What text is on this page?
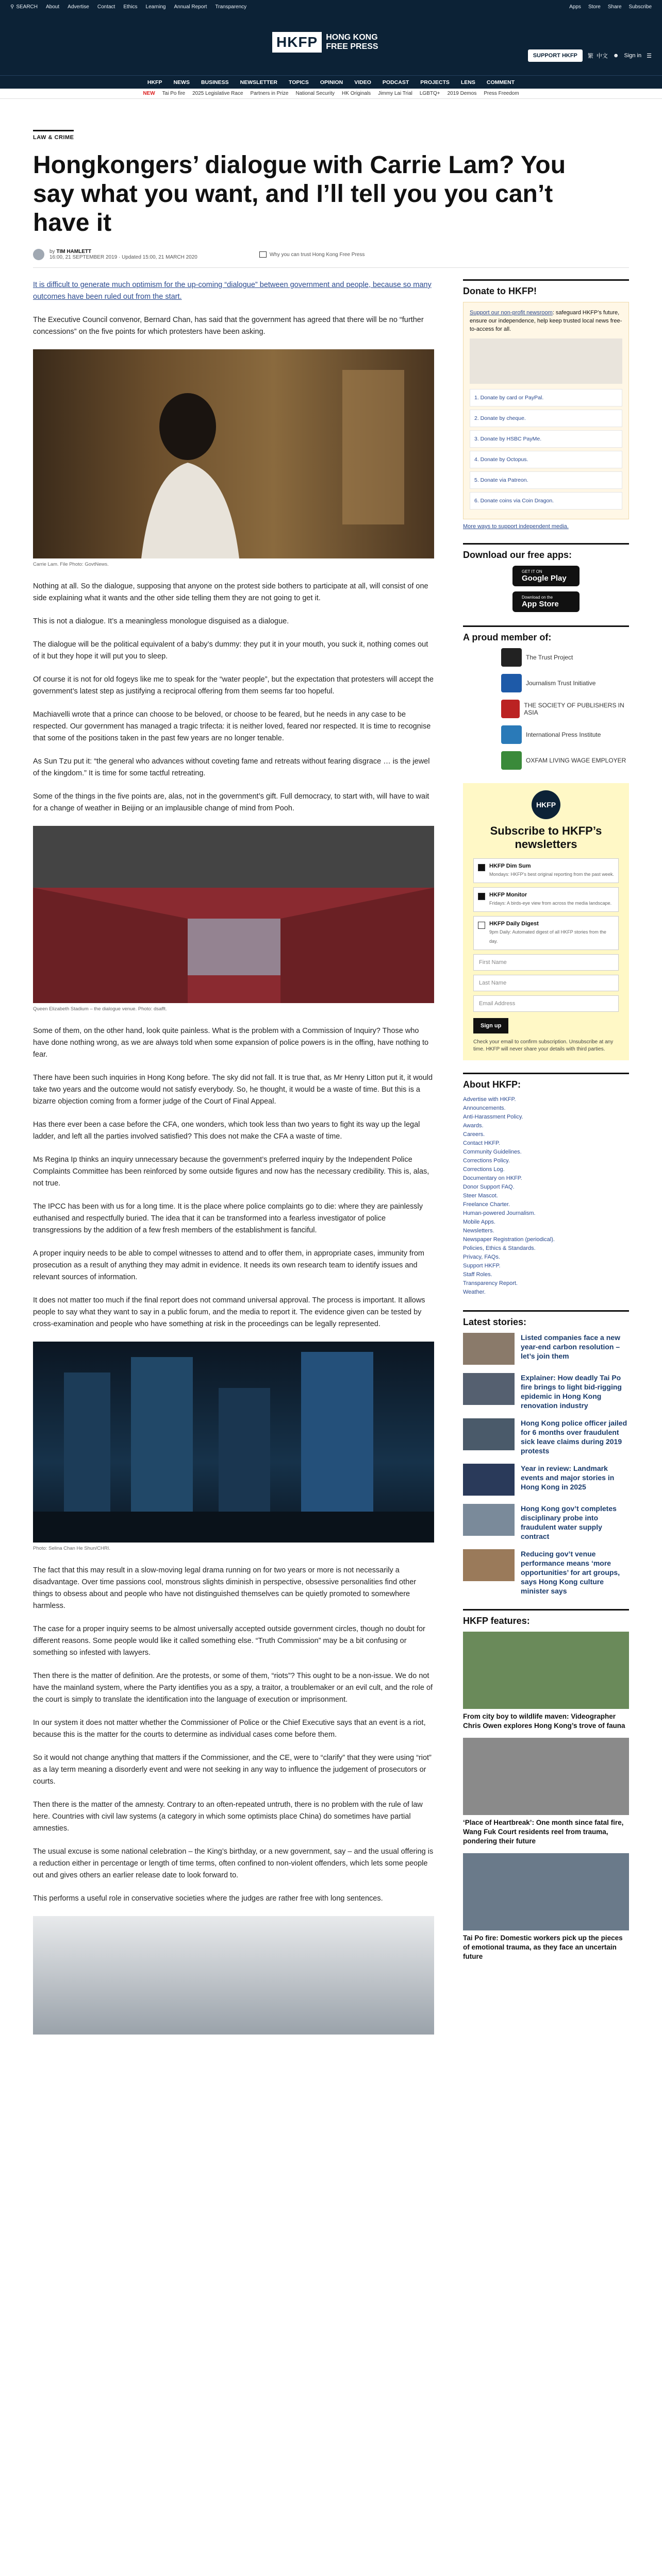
⚲ SEARCH About Advertise Contact Ethics Learning Annual Report Transparency	Apps Store Share Subscribe
HKFP	HONG KONG
FREE PRESS
SUPPORT HKFP	繁 中文 ☻ Sign in ☰
HKFP NEWS BUSINESS NEWSLETTER TOPICS OPINION VIDEO PODCAST PROJECTS LENS COMMENT
NEW Tai Po fire 2025 Legislative Race Partners in Prize National Security HK Originals Jimmy Lai Trial LGBTQ+ 2019 Demos Press Freedom
LAW & CRIME
Hongkongers’ dialogue with Carrie Lam? You say what you want, and I’ll tell you you can’t have it
by TIM HAMLETT
16:00, 21 SEPTEMBER 2019 · Updated 15:00, 21 MARCH 2020	Why you can trust Hong Kong Free Press

It is difficult to generate much optimism for the up-coming “dialogue” between government and people, because so many outcomes have been ruled out from the start.

The Executive Council convenor, Bernard Chan, has said that the government has agreed that there will be no “further concessions” on the five points for which protesters have been asking.

Carrie Lam. File Photo: GovtNews.

Nothing at all. So the dialogue, supposing that anyone on the protest side bothers to participate at all, will consist of one side explaining what it wants and the other side telling them they are not going to get it.

This is not a dialogue. It’s a meaningless monologue disguised as a dialogue.

The dialogue will be the political equivalent of a baby’s dummy: they put it in your mouth, you suck it, nothing comes out of it but they hope it will put you to sleep.

Of course it is not for old fogeys like me to speak for the “water people”, but the expectation that protesters will accept the government’s latest step as justifying a reciprocal offering from them seems far too hopeful.

Machiavelli wrote that a prince can choose to be beloved, or choose to be feared, but he needs in any case to be respected. Our government has managed a tragic trifecta: it is neither loved, feared nor respected. It is time to recognise that some of the positions taken in the past few years are no longer tenable.

As Sun Tzu put it: “the general who advances without coveting fame and retreats without fearing disgrace … is the jewel of the kingdom.” It is time for some tactful retreating.

Some of the things in the five points are, alas, not in the government’s gift. Full democracy, to start with, will have to wait for a change of weather in Beijing or an implausible change of mind from Pooh.

Queen Elizabeth Stadium – the dialogue venue. Photo: dsafft.

Some of them, on the other hand, look quite painless. What is the problem with a Commission of Inquiry? Those who have done nothing wrong, as we are always told when some expansion of police powers is in the offing, have nothing to fear.

There have been such inquiries in Hong Kong before. The sky did not fall. It is true that, as Mr Henry Litton put it, it would take two years and the outcome would not satisfy everybody. So, he thought, it would be a waste of time. But this is a bizarre objection coming from a former judge of the Court of Final Appeal.

Has there ever been a case before the CFA, one wonders, which took less than two years to fight its way up the legal ladder, and left all the parties involved satisfied? This does not make the CFA a waste of time.

Ms Regina Ip thinks an inquiry unnecessary because the government’s preferred inquiry by the Independent Police Complaints Committee has been reinforced by some outside figures and now has the necessary credibility. This is, alas, not true.

The IPCC has been with us for a long time. It is the place where police complaints go to die: where they are painlessly euthanised and respectfully buried. The idea that it can be transformed into a fearless investigator of police transgressions by the addition of a few fresh members of the establishment is fanciful.

A proper inquiry needs to be able to compel witnesses to attend and to offer them, in appropriate cases, immunity from prosecution as a result of anything they may admit in evidence. It needs its own research team to identify issues and relevant sources of information.

It does not matter too much if the final report does not command universal approval. The process is important. It allows people to say what they want to say in a public forum, and the media to report it. The evidence given can be tested by cross-examination and people who have something at risk in the proceedings can be legally represented.

Photo: Selina Chan He Shun/CHRI.

The fact that this may result in a slow-moving legal drama running on for two years or more is not necessarily a disadvantage. Over time passions cool, monstrous slights diminish in perspective, obsessive personalities find other things to obsess about and people who have not distinguished themselves can be quietly promoted to somewhere harmless.

The case for a proper inquiry seems to be almost universally accepted outside government circles, though no doubt for different reasons. Some people would like it called something else. “Truth Commission” may be a bit confusing or something so infested with lawyers.

Then there is the matter of definition. Are the protests, or some of them, “riots”? This ought to be a non-issue. We do not have the mainland system, where the Party identifies you as a spy, a traitor, a troublemaker or an evil cult, and the role of the court is simply to translate the identification into the language of execution or imprisonment.

In our system it does not matter whether the Commissioner of Police or the Chief Executive says that an event is a riot, because this is the matter for the courts to determine as individual cases come before them.

So it would not change anything that matters if the Commissioner, and the CE, were to “clarify” that they were using “riot” as a lay term meaning a disorderly event and were not seeking in any way to influence the judgement of prosecutors or courts.

Then there is the matter of the amnesty. Contrary to an often-repeated untruth, there is no problem with the rule of law here. Countries with civil law systems (a category in which some optimists place China) do sometimes have partial amnesties.

The usual excuse is some national celebration – the King’s birthday, or a new government, say – and the usual offering is a reduction either in percentage or length of time terms, often confined to non-violent offenders, which lets some people out and gives others an earlier release date to look forward to.

This performs a useful role in conservative societies where the judges are rather free with long sentences.

Donate to HKFP!

Support our non-profit newsroom: safeguard HKFP’s future, ensure our independence, help keep trusted local news free-to-access for all.

1. Donate by card or PayPal.
2. Donate by cheque.
3. Donate by HSBC PayMe.
4. Donate by Octopus.
5. Donate via Patreon.
6. Donate coins via Coin Dragon.
More ways to support independent media.
Download our free apps:
GET IT ON
Google Play
Download on the
App Store
A proud member of:
The Trust Project
Journalism Trust Initiative
THE SOCIETY OF PUBLISHERS IN ASIA
International Press Institute
OXFAM LIVING WAGE EMPLOYER
HKFP
Subscribe to HKFP’s newsletters
HKFP Dim Sum
Mondays: HKFP’s best original reporting from the past week.
HKFP Monitor
Fridays: A birds-eye view from across the media landscape.
HKFP Daily Digest
9pm Daily: Automated digest of all HKFP stories from the day.
First Name
Last Name
Email Address
Sign up

Check your email to confirm subscription. Unsubscribe at any time. HKFP will never share your details with third parties.

About HKFP:
Advertise with HKFP.
Announcements.
Anti-Harassment Policy.
Awards.
Careers.
Contact HKFP.
Community Guidelines.
Corrections Policy.
Corrections Log.
Documentary on HKFP.
Donor Support FAQ.
Steer Mascot.
Freelance Charter.
Human-powered Journalism.
Mobile Apps.
Newsletters.
Newspaper Registration (periodical).
Policies, Ethics & Standards.
Privacy, FAQs.
Support HKFP.
Staff Roles.
Transparency Report.
Weather.
Latest stories:
Listed companies face a new year-end carbon resolution – let’s join them
Explainer: How deadly Tai Po fire brings to light bid-rigging epidemic in Hong Kong renovation industry
Hong Kong police officer jailed for 6 months over fraudulent sick leave claims during 2019 protests
Year in review: Landmark events and major stories in Hong Kong in 2025
Hong Kong gov’t completes disciplinary probe into fraudulent water supply contract
Reducing gov’t venue performance means ‘more opportunities’ for art groups, says Hong Kong culture minister says
HKFP features:
From city boy to wildlife maven: Videographer Chris Owen explores Hong Kong’s trove of fauna
‘Place of Heartbreak’: One month since fatal fire, Wang Fuk Court residents reel from trauma, pondering their future
Tai Po fire: Domestic workers pick up the pieces of emotional trauma, as they face an uncertain future
